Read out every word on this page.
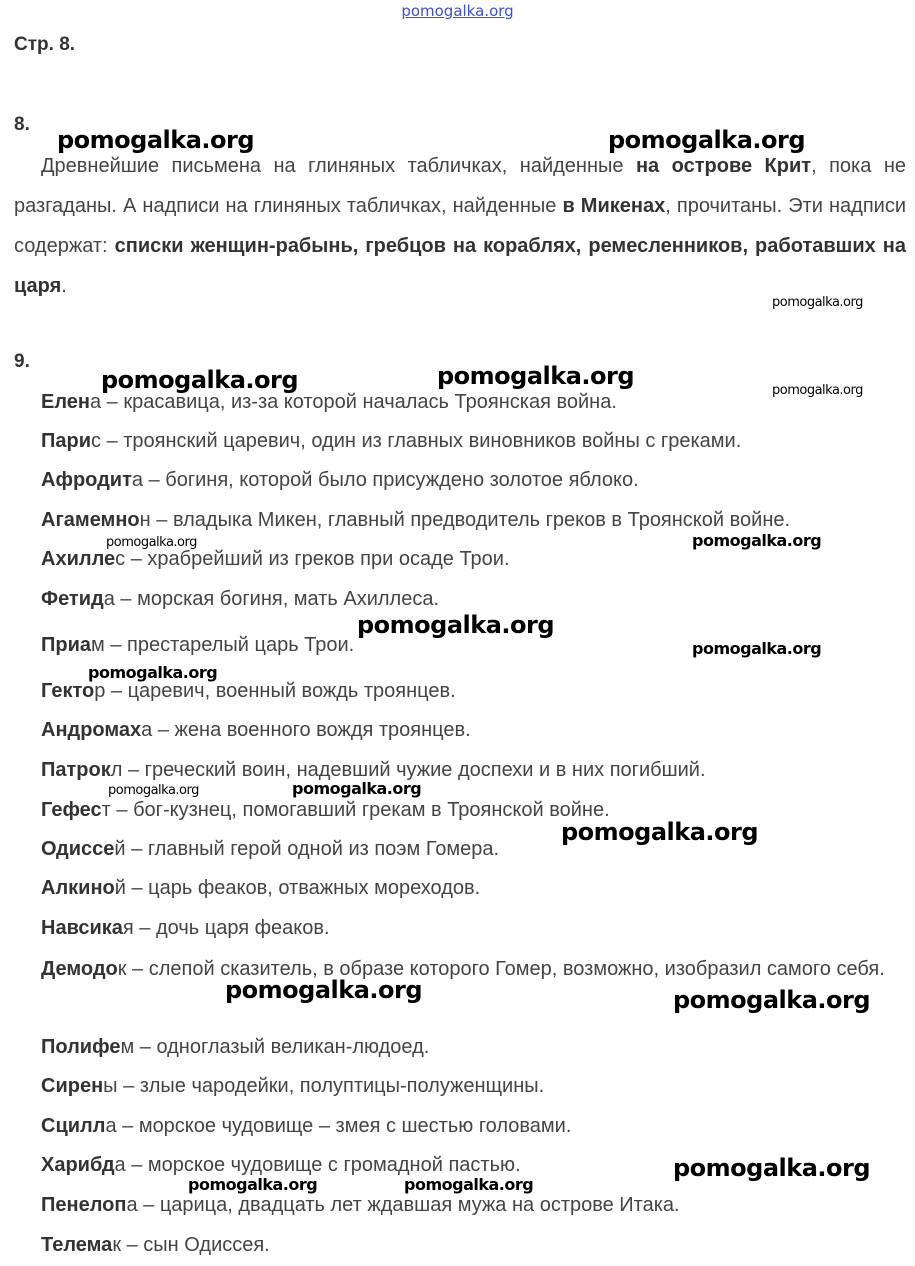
pomogalka.org
Стр. 8.
8.
Древнейшие письмена на глиняных табличках, найденные на острове Крит, пока не разгаданы. А надписи на глиняных табличках, найденные в Микенах, прочитаны. Эти надписи содержат: списки женщин-рабынь, гребцов на кораблях, ремесленников, работавших на царя.
9.
Елена – красавица, из-за которой началась Троянская война.
Парис – троянский царевич, один из главных виновников войны с греками.
Афродита – богиня, которой было присуждено золотое яблоко.
Агамемнон – владыка Микен, главный предводитель греков в Троянской войне.
Ахиллес – храбрейший из греков при осаде Трои.
Фетида – морская богиня, мать Ахиллеса.
Приам – престарелый царь Трои.
Гектор – царевич, военный вождь троянцев.
Андромаха – жена военного вождя троянцев.
Патрокл – греческий воин, надевший чужие доспехи и в них погибший.
Гефест – бог-кузнец, помогавший грекам в Троянской войне.
Одиссей – главный герой одной из поэм Гомера.
Алкиной – царь феаков, отважных мореходов.
Навсикая – дочь царя феаков.
Демодок – слепой сказитель, в образе которого Гомер, возможно, изобразил самого себя.
Полифем – одноглазый великан-людоед.
Сирены – злые чародейки, полуптицы-полуженщины.
Сцилла – морское чудовище – змея с шестью головами.
Харибда – морское чудовище с громадной пастью.
Пенелопа – царица, двадцать лет ждавшая мужа на острове Итака.
Телемак – сын Одиссея.
pomogalka.org	pomogalka.org
pomogalka.org
pomogalka.org	pomogalka.org
pomogalka.org
pomogalka.org	pomogalka.org
pomogalka.org
pomogalka.org
pomogalka.org
pomogalka.org	pomogalka.org
pomogalka.org
pomogalka.org	pomogalka.org
pomogalka.org
pomogalka.org	pomogalka.org
